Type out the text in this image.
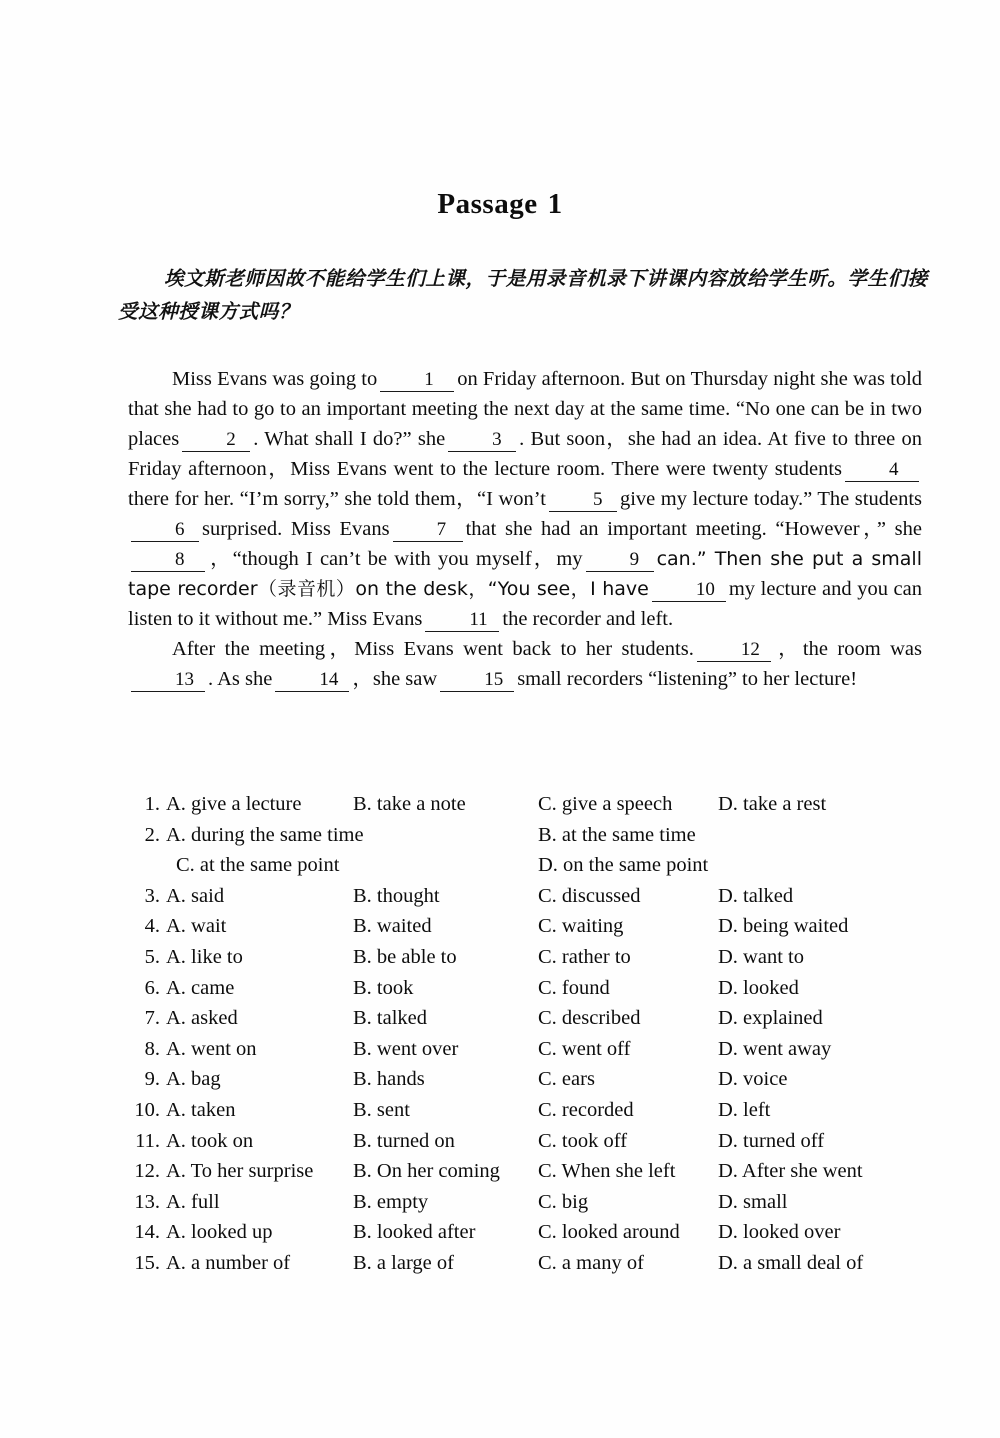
Passage 1
埃文斯老师因故不能给学生们上课，于是用录音机录下讲课内容放给学生听。学生们接受这种授课方式吗？

Miss Evans was going to 1 on Friday afternoon. But on Thursday night she was told that she had to go to an important meeting the next day at the same time. “No one can be in two places 2 . What shall I do?” she 3 . But soon，she had an idea. At five to three on Friday afternoon，Miss Evans went to the lecture room. There were twenty students 4there for her. “I’m sorry,” she told them，“I won’t 5 give my lecture today.” The students6 surprised. Miss Evans 7 that she had an important meeting. “However，” she8 ，“though I can’t be with you myself，my 9 can.” Then she put a small tape recorder（录音机）on the desk，“You see，I have 10 my lecture and you can listen to it without me.” Miss Evans 11 the recorder and left.

After the meeting，Miss Evans went back to her students. 12 ，the room was13 . As she 14 ，she saw 15 small recorders “listening” to her lecture!

1. A. give a lecture	B. take a note	C. give a speech D. take a rest
2. A. during the same time	B. at the same time
C. at the same point	D. on the same point
3. A. said	B. thought	C. discussed	D. talked
4. A. wait	B. waited	C. waiting	D. being waited
5. A. like to	B. be able to	C. rather to	D. want to
6. A. came	B. took	C. found	D. looked
7. A. asked	B. talked	C. described	D. explained
8. A. went on	B. went over	C. went off	D. went away
9. A. bag	B. hands	C. ears	D. voice
10. A. taken	B. sent	C. recorded	D. left
11. A. took on	B. turned on	C. took off	D. turned off
12. A. To her surprise B. On her coming C. When she left D. After she went
13. A. full	B. empty	C. big	D. small
14. A. looked up	B. looked after	C. looked around D. looked over
15. A. a number of	B. a large of	C. a many of	D. a small deal of
